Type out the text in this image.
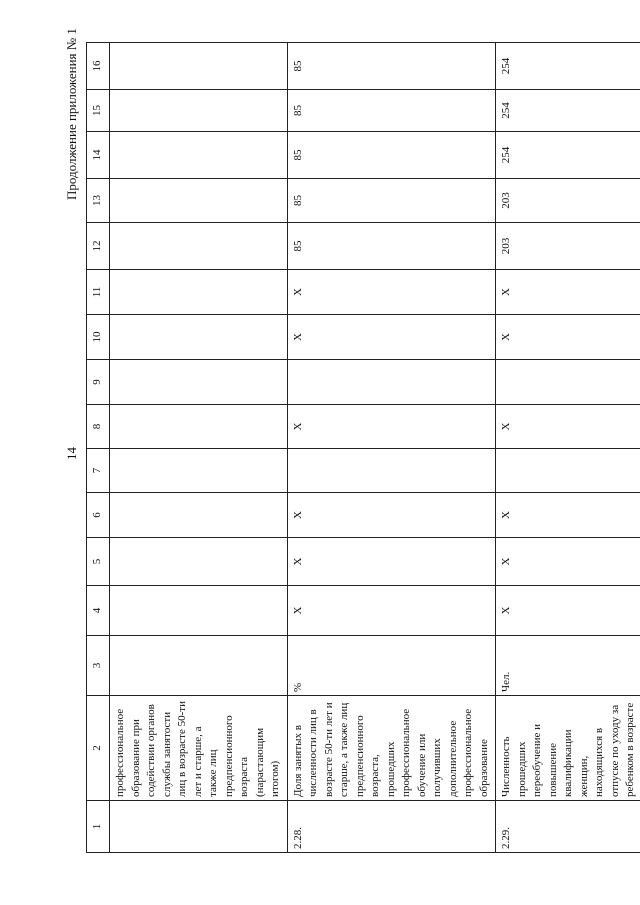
14
Продолжение приложения № 1
1	2	3	4	5	6	7	8	9	10	11	12	13	14	15	16
	профессиональное образование при содействии органов службы занятости лиц в возрасте 50-ти лет и старше, а также лиц предпенсионного возраста (нарастающим итогом)														
2.28.	Доля занятых в численности лиц в возрасте 50-ти лет и старше, а также лиц предпенсионного возраста, прошедших профессиональное обучение или получивших дополнительное профессиональное образование	%	X	X	X		X		X	X	85	85	85	85	85
2.29.	Численность прошедших переобучение и повышение квалификации женщин, находящихся в отпуске по уходу за ребенком в возрасте	Чел.	X	X	X		X		X	X	203	203	254	254	254
